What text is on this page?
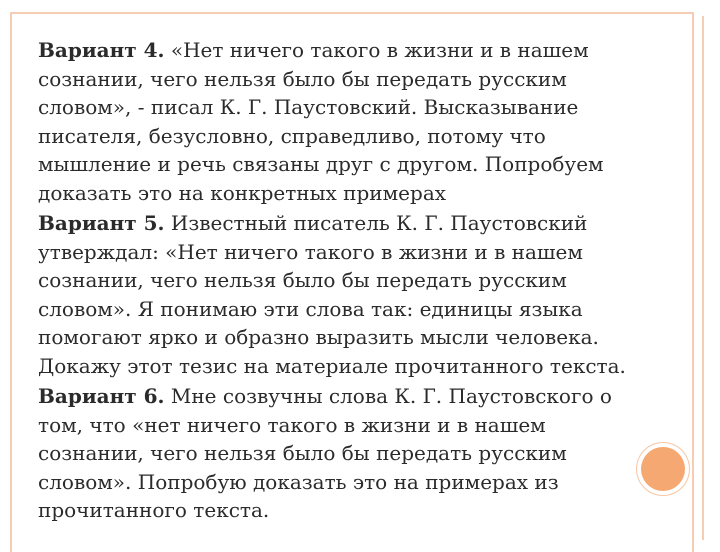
Вариант 4. «Нет ничего такого в жизни и в нашем
сознании, чего нельзя было бы передать русским
словом», - писал К. Г. Паустовский. Высказывание
писателя, безусловно, справедливо, потому что
мышление и речь связаны друг с другом. Попробуем
доказать это на конкретных примерах

Вариант 5. Известный писатель К. Г. Паустовский
утверждал: «Нет ничего такого в жизни и в нашем
сознании, чего нельзя было бы передать русским
словом». Я понимаю эти слова так: единицы языка
помогают ярко и образно выразить мысли человека.
Докажу этот тезис на материале прочитанного текста.

Вариант 6. Мне созвучны слова К. Г. Паустовского о
том, что «нет ничего такого в жизни и в нашем
сознании, чего нельзя было бы передать русским
словом». Попробую доказать это на примерах из
прочитанного текста.
